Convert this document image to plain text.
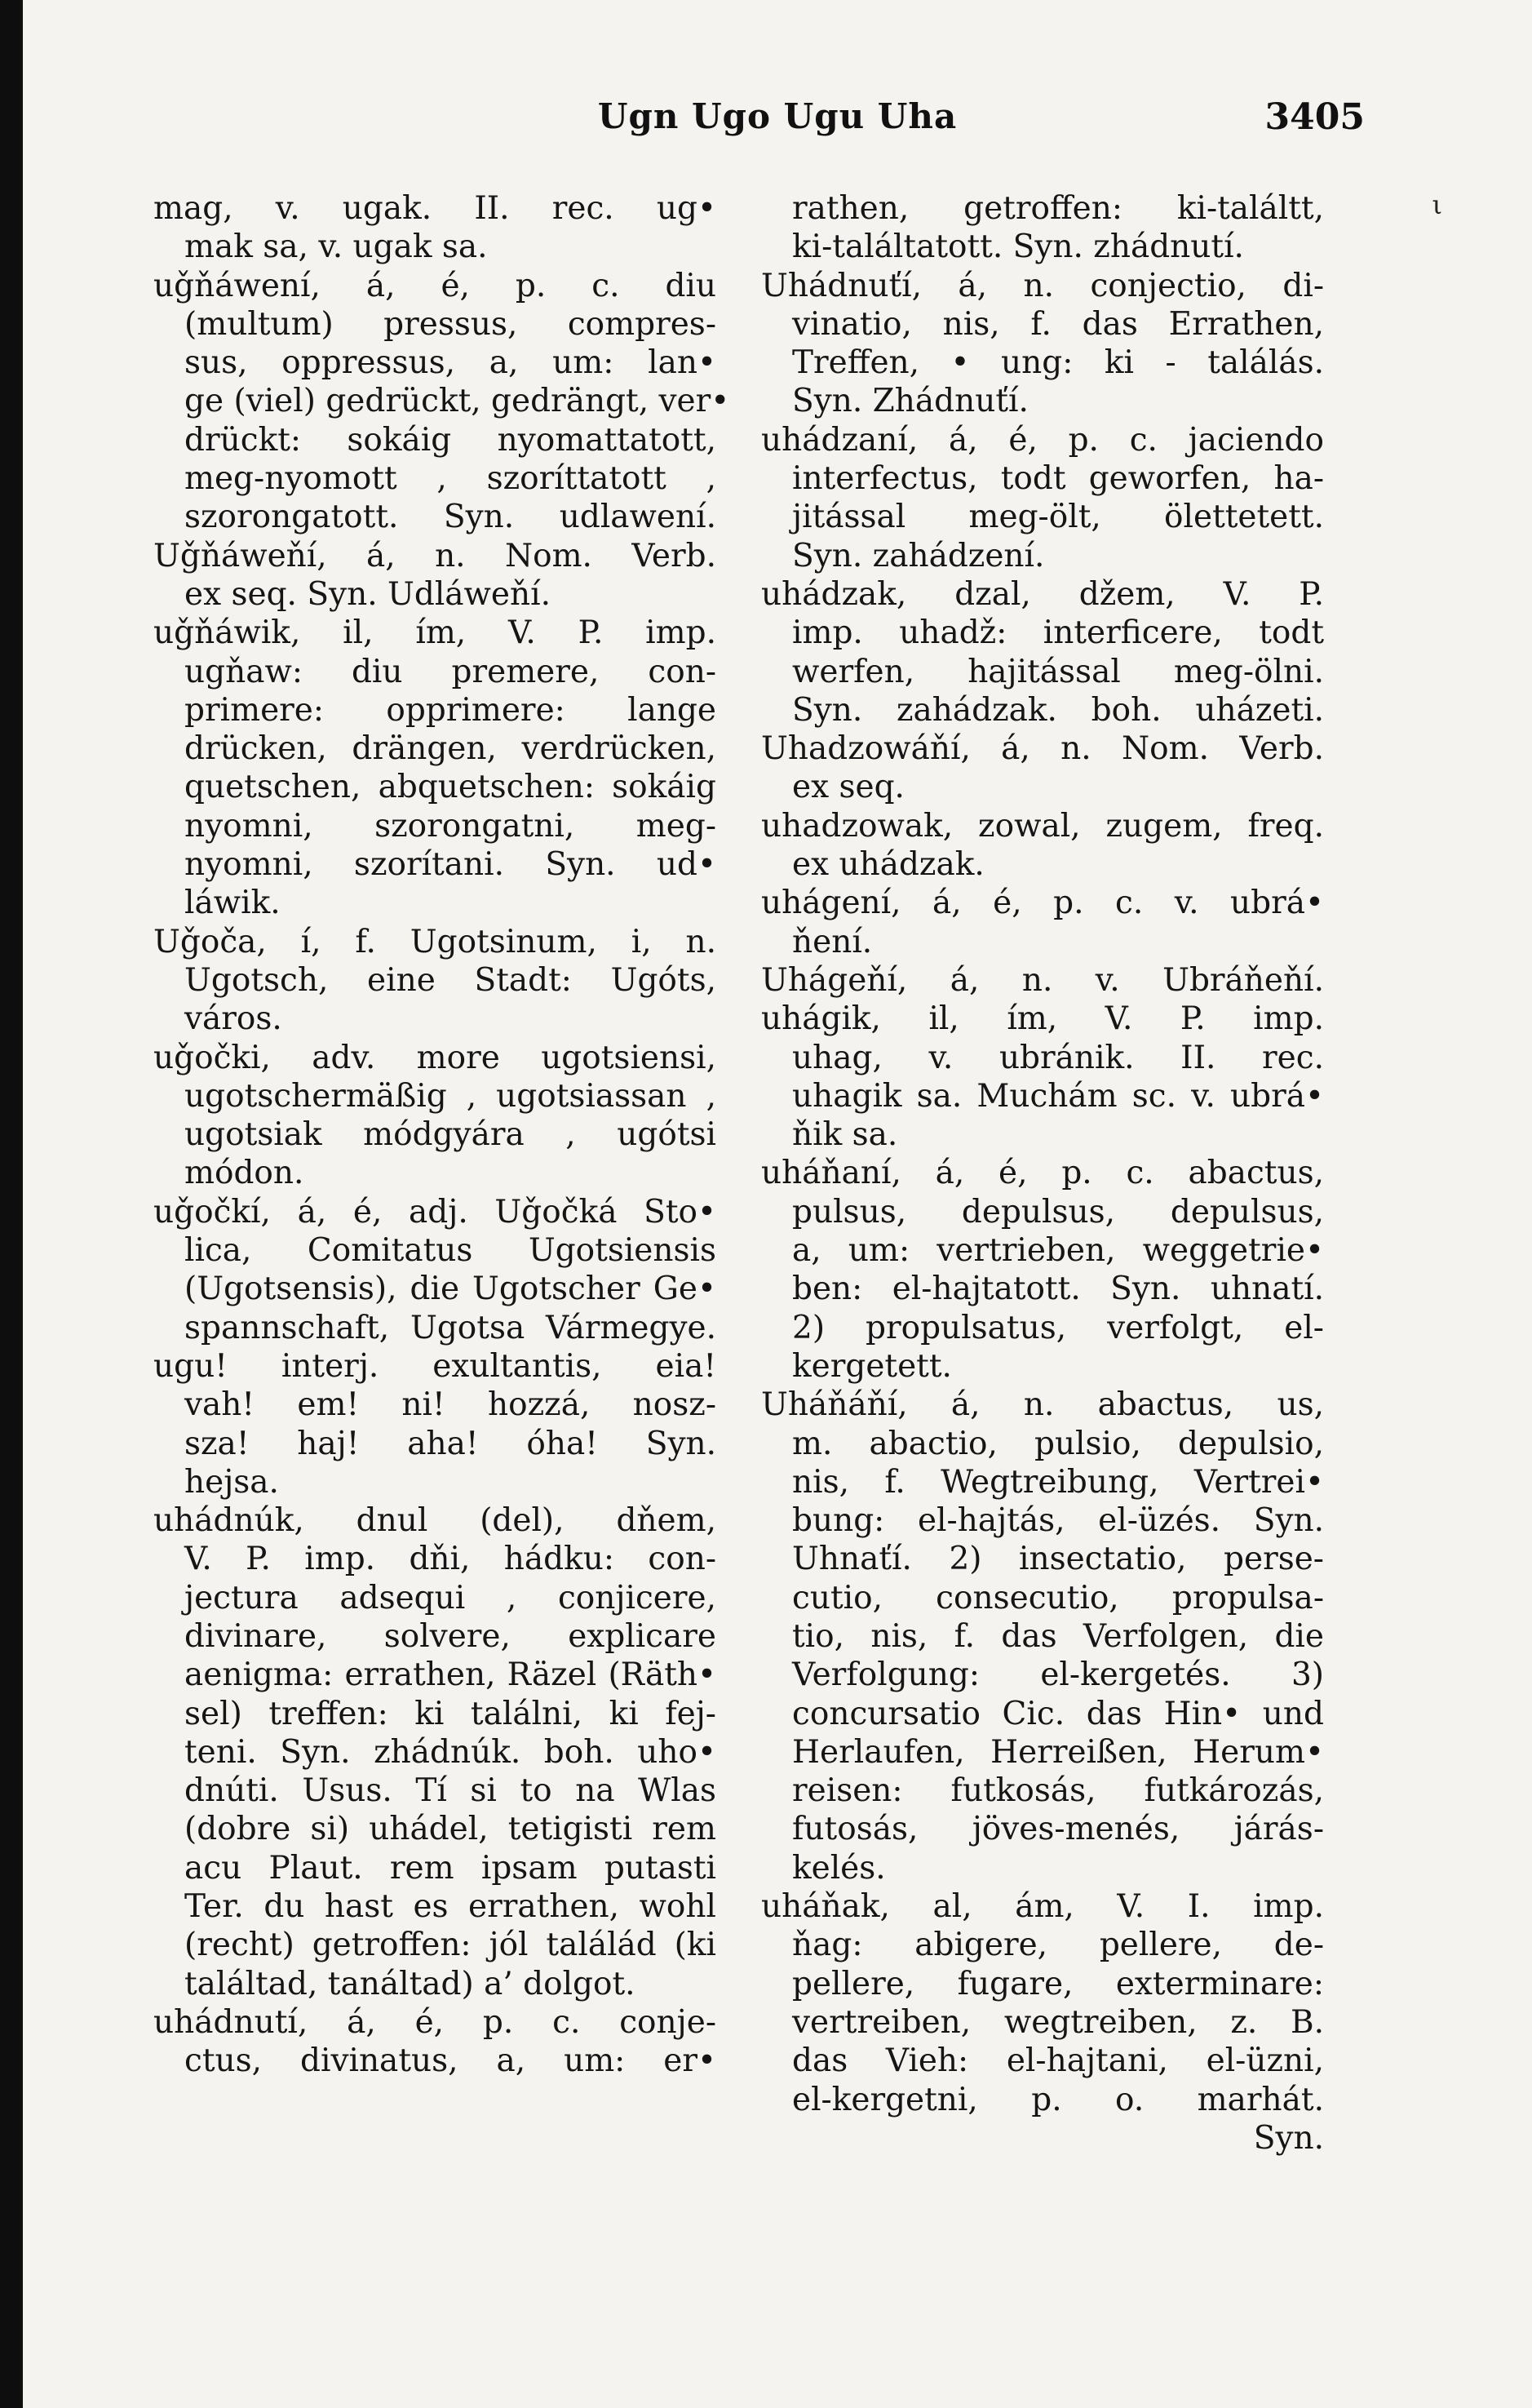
Ugn Ugo Ugu Uha	3405
ι
mag, v. ugak. II. rec. ug•
mak sa, v. ugak sa.
uǧňáwení, á, é, p. c. diu
(multum) pressus, compres-
sus, oppressus, a, um: lan•
ge (viel) gedrückt, gedrängt, ver•
drückt: sokáig nyomattatott,
meg-nyomott , szoríttatott ,
szorongatott. Syn. udlawení.
Uǧňáweňí, á, n. Nom. Verb.
ex seq. Syn. Udláweňí.
uǧňáwik, il, ím, V. P. imp.
ugňaw: diu premere, con-
primere: opprimere: lange
drücken, drängen, verdrücken,
quetschen, abquetschen: sokáig
nyomni, szorongatni, meg-
nyomni, szorítani. Syn. ud•
láwik.
Uǧoča, í, f. Ugotsinum, i, n.
Ugotsch, eine Stadt: Ugóts,
város.
uǧočki, adv. more ugotsiensi,
ugotschermäßig , ugotsiassan ,
ugotsiak módgyára , ugótsi
módon.
uǧočkí, á, é, adj. Uǧočká Sto•
lica, Comitatus Ugotsiensis
(Ugotsensis), die Ugotscher Ge•
spannschaft, Ugotsa Vármegye.
ugu! interj. exultantis, eia!
vah! em! ni! hozzá, nosz-
sza! haj! aha! óha! Syn.
hejsa.
uhádnúk, dnul (del), dňem,
V. P. imp. dňi, hádku: con-
jectura adsequi , conjicere,
divinare, solvere, explicare
aenigma: errathen, Räzel (Räth•
sel) treffen: ki találni, ki fej-
teni. Syn. zhádnúk. boh. uho•
dnúti. Usus. Tí si to na Wlas
(dobre si) uhádel, tetigisti rem
acu Plaut. rem ipsam putasti
Ter. du hast es errathen, wohl
(recht) getroffen: jól találád (ki
találtad, tanáltad) a’ dolgot.
uhádnutí, á, é, p. c. conje-
ctus, divinatus, a, um: er•
rathen, getroffen: ki-találtt,
ki-találtatott. Syn. zhádnutí.
Uhádnuťí, á, n. conjectio, di-
vinatio, nis, f. das Errathen,
Treffen, • ung: ki - találás.
Syn. Zhádnuťí.
uhádzaní, á, é, p. c. jaciendo
interfectus, todt geworfen, ha-
jitással meg-ölt, ölettetett.
Syn. zahádzení.
uhádzak, dzal, džem, V. P.
imp. uhadž: interficere, todt
werfen, hajitással meg-ölni.
Syn. zahádzak. boh. uházeti.
Uhadzowáňí, á, n. Nom. Verb.
ex seq.
uhadzowak, zowal, zugem, freq.
ex uhádzak.
uhágení, á, é, p. c. v. ubrá•
ňení.
Uhágeňí, á, n. v. Ubráňeňí.
uhágik, il, ím, V. P. imp.
uhag, v. ubránik. II. rec.
uhagik sa. Muchám sc. v. ubrá•
ňik sa.
uháňaní, á, é, p. c. abactus,
pulsus, depulsus, depulsus,
a, um: vertrieben, weggetrie•
ben: el-hajtatott. Syn. uhnatí.
2) propulsatus, verfolgt, el-
kergetett.
Uháňáňí, á, n. abactus, us,
m. abactio, pulsio, depulsio,
nis, f. Wegtreibung, Vertrei•
bung: el-hajtás, el-üzés. Syn.
Uhnaťí. 2) insectatio, perse-
cutio, consecutio, propulsa-
tio, nis, f. das Verfolgen, die
Verfolgung: el-kergetés. 3)
concursatio Cic. das Hin• und
Herlaufen, Herreißen, Herum•
reisen: futkosás, futkározás,
futosás, jöves-menés, járás-
kelés.
uháňak, al, ám, V. I. imp.
ňag: abigere, pellere, de-
pellere, fugare, exterminare:
vertreiben, wegtreiben, z. B.
das Vieh: el-hajtani, el-üzni,
el-kergetni, p. o. marhát.
Syn.
